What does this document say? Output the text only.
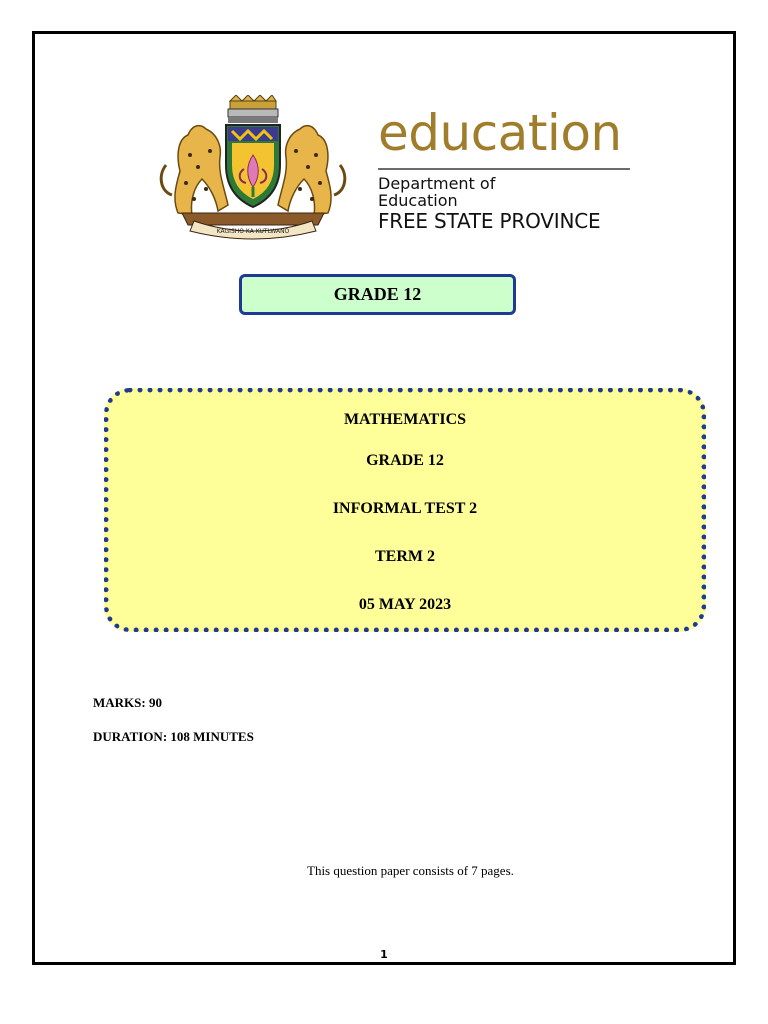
KAGISHO KA KUTLWANO
education
Department of
Education
FREE STATE PROVINCE
GRADE 12
MATHEMATICS
GRADE 12
INFORMAL TEST 2
TERM 2
05 MAY 2023
MARKS: 90
DURATION: 108 MINUTES
This question paper consists of 7 pages.
1
